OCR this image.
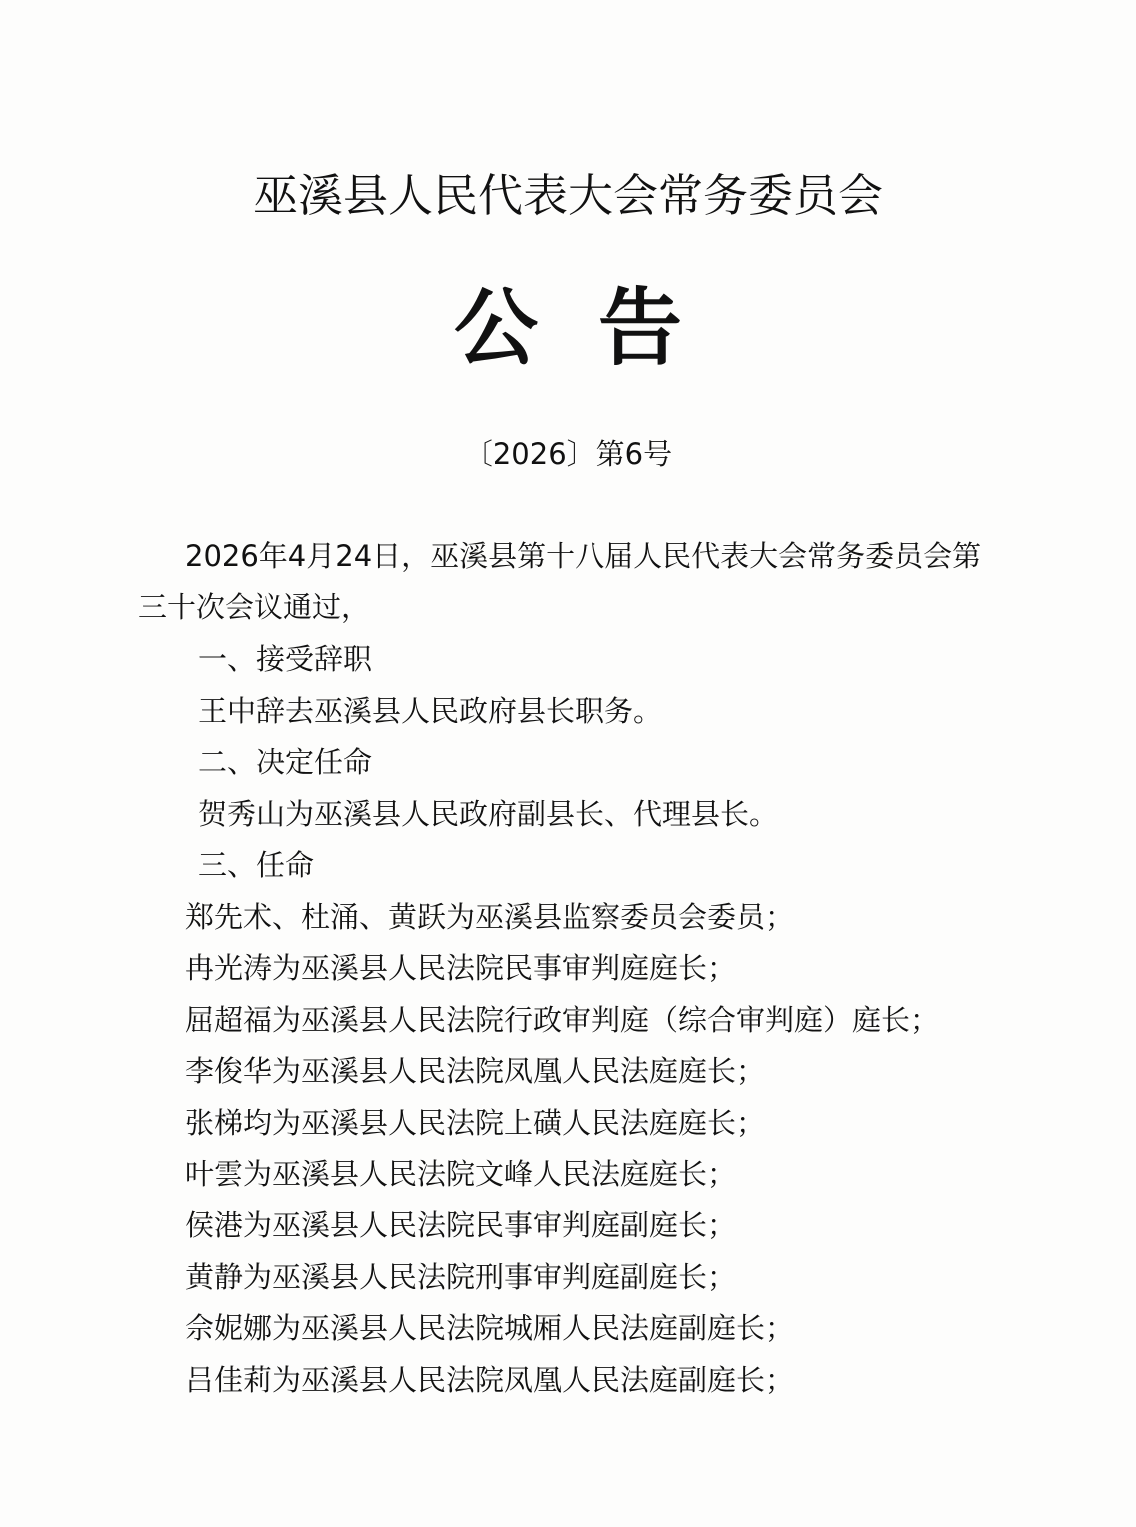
巫溪县人民代表大会常务委员会
公告
〔2026〕第6号
2026年4月24日，巫溪县第十八届人民代表大会常务委员会第
三十次会议通过，
一、接受辞职
王中辞去巫溪县人民政府县长职务。
二、决定任命
贺秀山为巫溪县人民政府副县长、代理县长。
三、任命
郑先术、杜涌、黄跃为巫溪县监察委员会委员；
冉光涛为巫溪县人民法院民事审判庭庭长；
屈超福为巫溪县人民法院行政审判庭（综合审判庭）庭长；
李俊华为巫溪县人民法院凤凰人民法庭庭长；
张梯均为巫溪县人民法院上磺人民法庭庭长；
叶雲为巫溪县人民法院文峰人民法庭庭长；
侯港为巫溪县人民法院民事审判庭副庭长；
黄静为巫溪县人民法院刑事审判庭副庭长；
佘妮娜为巫溪县人民法院城厢人民法庭副庭长；
吕佳莉为巫溪县人民法院凤凰人民法庭副庭长；
